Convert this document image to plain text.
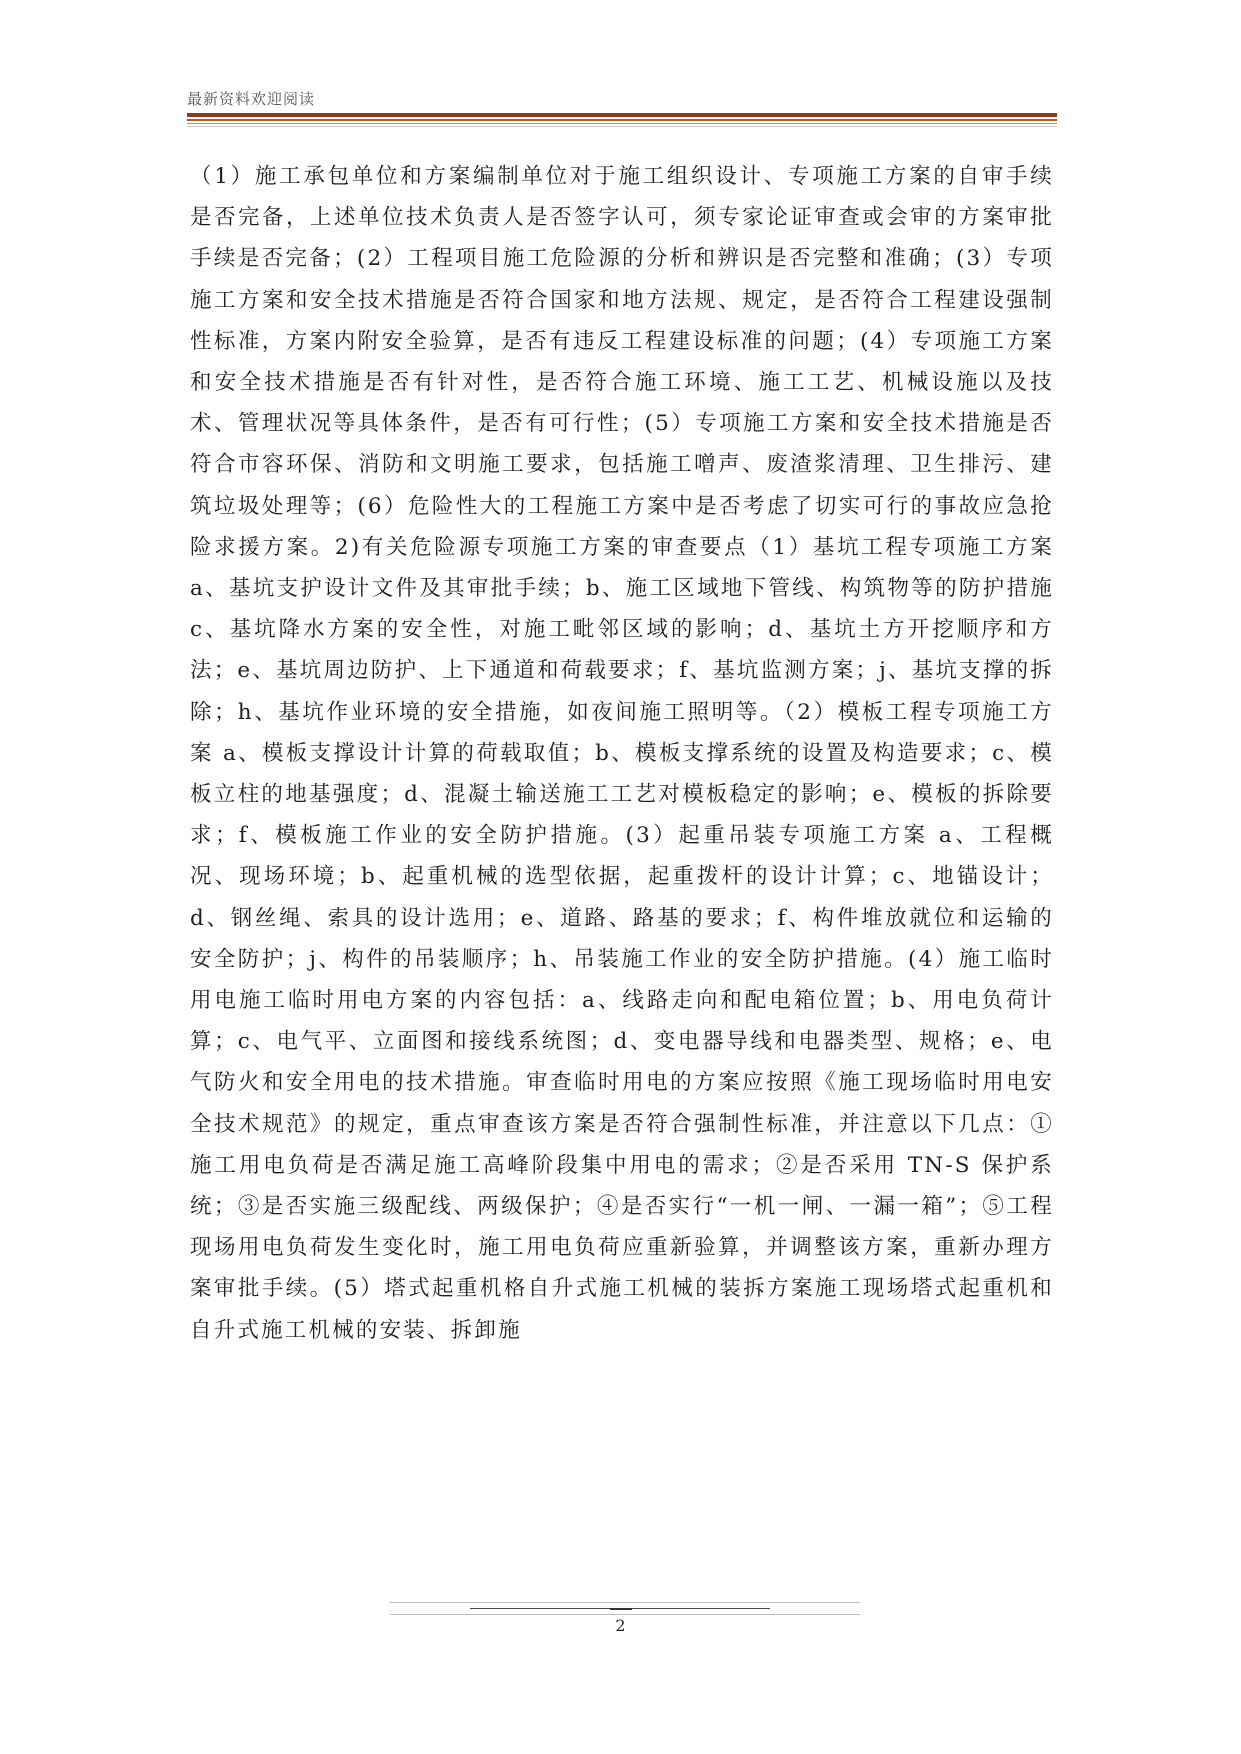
最新资料欢迎阅读

（1）施工承包单位和方案编制单位对于施工组织设计、专项施工方案的自审手续是否完备，上述单位技术负责人是否签字认可，须专家论证审查或会审的方案审批手续是否完备；(2）工程项目施工危险源的分析和辨识是否完整和准确；(3）专项施工方案和安全技术措施是否符合国家和地方法规、规定，是否符合工程建设强制性标准，方案内附安全验算，是否有违反工程建设标准的问题；(4）专项施工方案和安全技术措施是否有针对性，是否符合施工环境、施工工艺、机械设施以及技术、管理状况等具体条件，是否有可行性；(5）专项施工方案和安全技术措施是否符合市容环保、消防和文明施工要求，包括施工噌声、废渣浆清理、卫生排污、建筑垃圾处理等；(6）危险性大的工程施工方案中是否考虑了切实可行的事故应急抢险求援方案。2)有关危险源专项施工方案的审查要点（1）基坑工程专项施工方案 a、基坑支护设计文件及其审批手续；b、施工区域地下管线、构筑物等的防护措施 c、基坑降水方案的安全性，对施工毗邻区域的影响；d、基坑土方开挖顺序和方法；e、基坑周边防护、上下通道和荷载要求；f、基坑监测方案；j、基坑支撑的拆除；h、基坑作业环境的安全措施，如夜间施工照明等。（2）模板工程专项施工方案 a、模板支撑设计计算的荷载取值；b、模板支撑系统的设置及构造要求；c、模板立柱的地基强度；d、混凝土输送施工工艺对模板稳定的影响；e、模板的拆除要求；f、模板施工作业的安全防护措施。(3）起重吊装专项施工方案 a、工程概况、现场环境；b、起重机械的选型依据，起重拨杆的设计计算；c、地锚设计；d、钢丝绳、索具的设计选用；e、道路、路基的要求；f、构件堆放就位和运输的安全防护；j、构件的吊装顺序；h、吊装施工作业的安全防护措施。(4）施工临时用电施工临时用电方案的内容包括：a、线路走向和配电箱位置；b、用电负荷计算；c、电气平、立面图和接线系统图；d、变电器导线和电器类型、规格；e、电气防火和安全用电的技术措施。审查临时用电的方案应按照《施工现场临时用电安全技术规范》的规定，重点审查该方案是否符合强制性标准，并注意以下几点：①施工用电负荷是否满足施工高峰阶段集中用电的需求；②是否采用 TN-S 保护系统；③是否实施三级配线、两级保护；④是否实行“一机一闸、一漏一箱”；⑤工程现场用电负荷发生变化时，施工用电负荷应重新验算，并调整该方案，重新办理方案审批手续。(5）塔式起重机格自升式施工机械的装拆方案施工现场塔式起重机和自升式施工机械的安装、拆卸施

2
